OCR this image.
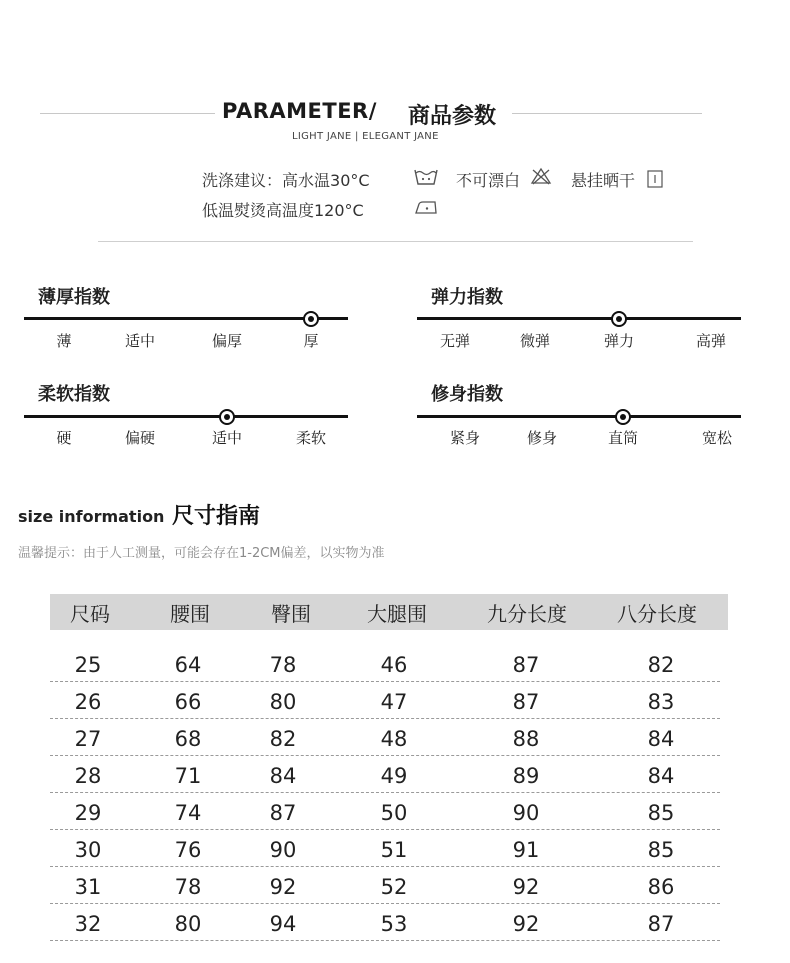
PARAMETER/ 商品参数
LIGHT JANE | ELEGANT JANE
洗涤建议：高水温30°C	不可漂白	悬挂晒干
低温熨烫高温度120°C
薄厚指数
薄	适中	偏厚	厚
弹力指数
无弹	微弹	弹力	高弹
柔软指数
硬	偏硬	适中	柔软
修身指数
紧身	修身	直筒	宽松
size information 尺寸指南
温馨提示：由于人工测量，可能会存在1-2CM偏差，以实物为准
尺码	腰围	臀围	大腿围	九分长度	八分长度
25	64	78	46	87	82
26	66	80	47	87	83
27	68	82	48	88	84
28	71	84	49	89	84
29	74	87	50	90	85
30	76	90	51	91	85
31	78	92	52	92	86
32	80	94	53	92	87
